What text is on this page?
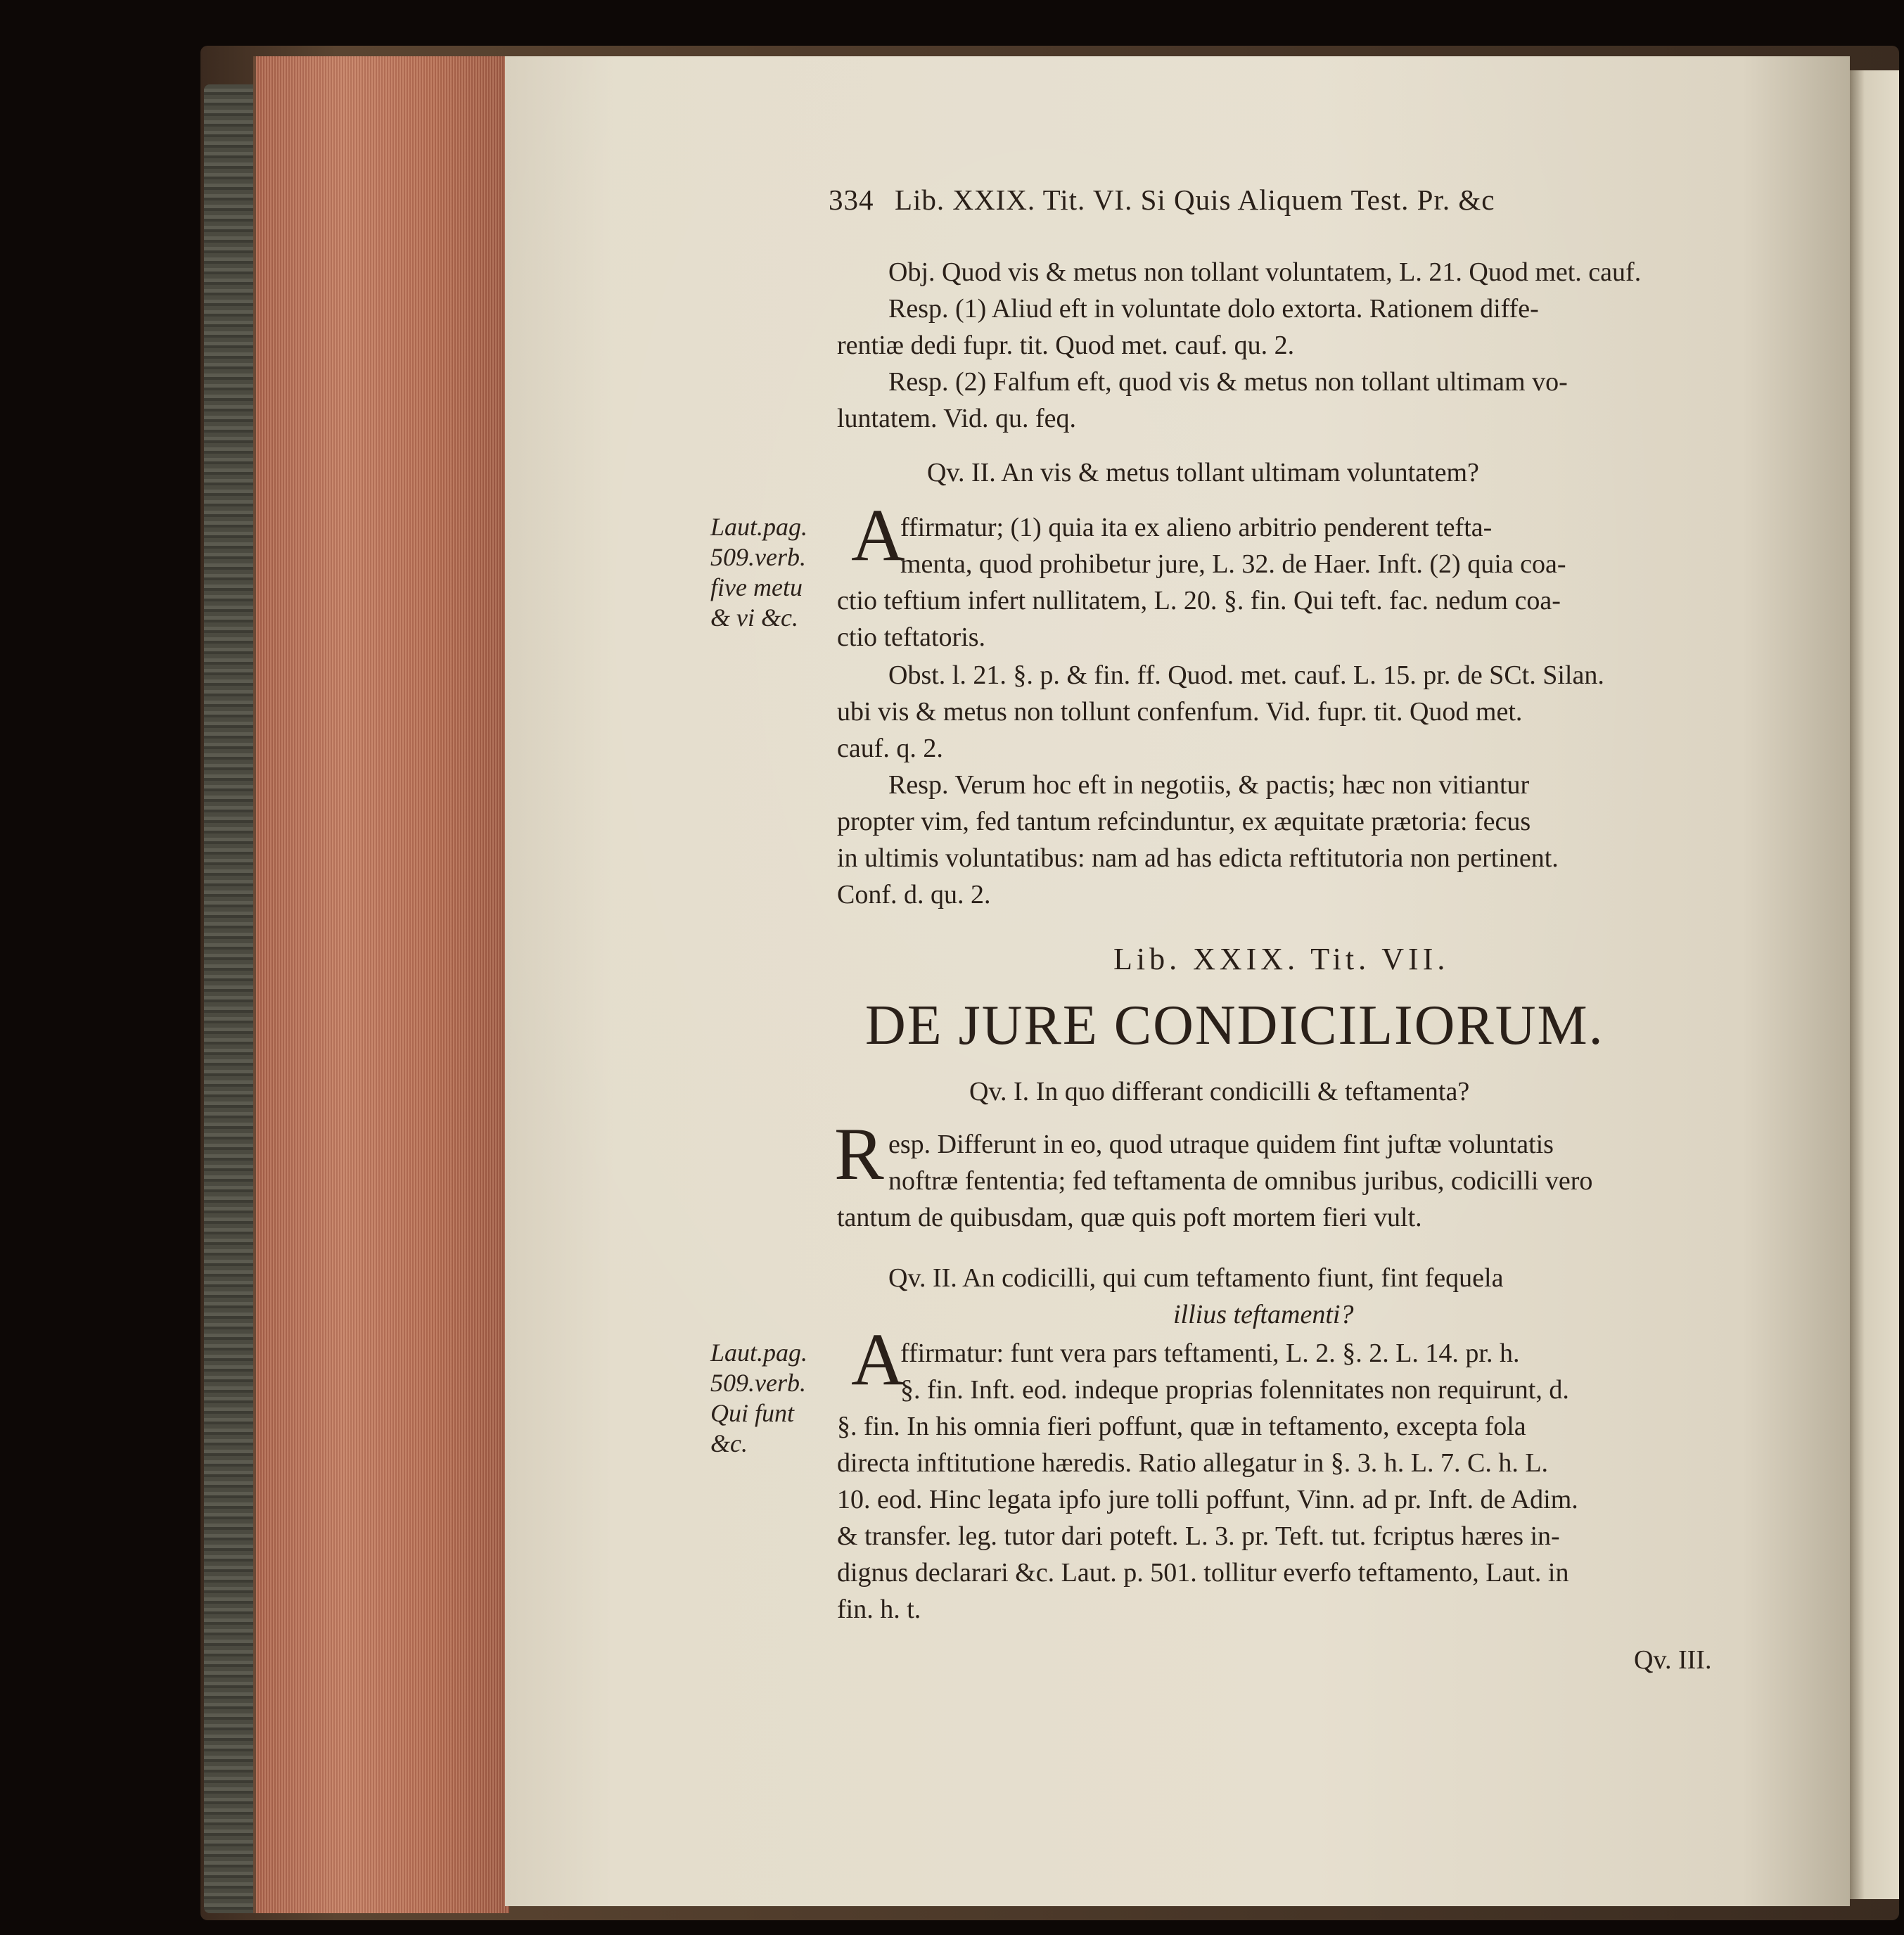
334 Lib. XXIX. Tit. VI. Si Quis Aliquem Test. Pr. &c
Obj. Quod vis & metus non tollant voluntatem, L. 21. Quod met. cauf.
Resp. (1) Aliud eft in voluntate dolo extorta. Rationem diffe-
rentiæ dedi fupr. tit. Quod met. cauf. qu. 2.
Resp. (2) Falfum eft, quod vis & metus non tollant ultimam vo-
luntatem. Vid. qu. feq.
Qv. II. An vis & metus tollant ultimam voluntatem?
Laut.pag.
509.verb.
five metu
& vi &c.
A
ffirmatur; (1) quia ita ex alieno arbitrio penderent tefta-
menta, quod prohibetur jure, L. 32. de Haer. Inft. (2) quia coa-
ctio teftium infert nullitatem, L. 20. §. fin. Qui teft. fac. nedum coa-
ctio teftatoris.
Obst. l. 21. §. p. & fin. ff. Quod. met. cauf. L. 15. pr. de SCt. Silan.
ubi vis & metus non tollunt confenfum. Vid. fupr. tit. Quod met.
cauf. q. 2.
Resp. Verum hoc eft in negotiis, & pactis; hæc non vitiantur
propter vim, fed tantum refcinduntur, ex æquitate prætoria: fecus
in ultimis voluntatibus: nam ad has edicta reftitutoria non pertinent.
Conf. d. qu. 2.
Lib. XXIX. Tit. VII.
DE JURE CONDICILIORUM.
Qv. I. In quo differant condicilli & teftamenta?
R esp. Differunt in eo, quod utraque quidem fint juftæ voluntatis
noftræ fententia; fed teftamenta de omnibus juribus, codicilli vero
tantum de quibusdam, quæ quis poft mortem fieri vult.
Qv. II. An codicilli, qui cum teftamento fiunt, fint fequela
illius teftamenti?
Laut.pag.
509.verb.
Qui funt
&c.
A
ffirmatur: funt vera pars teftamenti, L. 2. §. 2. L. 14. pr. h.
§. fin. Inft. eod. indeque proprias folennitates non requirunt, d.
§. fin. In his omnia fieri poffunt, quæ in teftamento, excepta fola
directa inftitutione hæredis. Ratio allegatur in §. 3. h. L. 7. C. h. L.
10. eod. Hinc legata ipfo jure tolli poffunt, Vinn. ad pr. Inft. de Adim.
& transfer. leg. tutor dari poteft. L. 3. pr. Teft. tut. fcriptus hæres in-
dignus declarari &c. Laut. p. 501. tollitur everfo teftamento, Laut. in
fin. h. t.
Qv. III.
